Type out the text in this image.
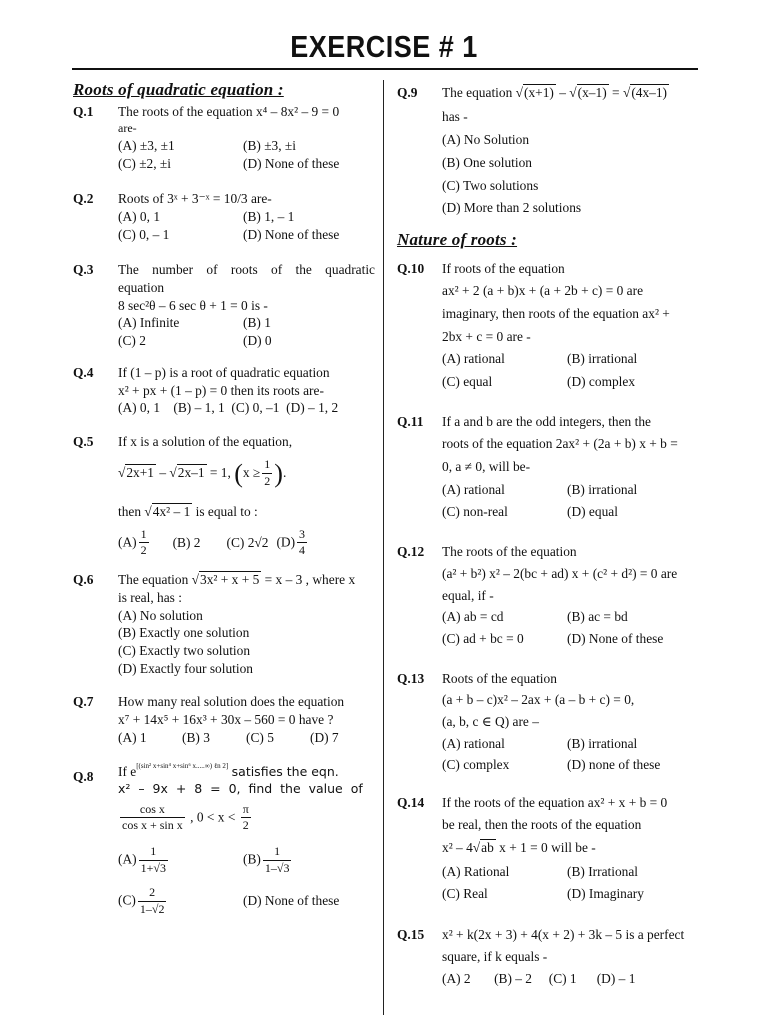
EXERCISE # 1
Roots of quadratic equation :
Q.1 The roots of the equation x⁴ – 8x² – 9 = 0
are-
(A) ±3, ±1	(B) ±3, ±i
(C) ±2, ±i	(D) None of these
Q.2 Roots of 3ˣ + 3⁻ˣ = 10/3 are-
(A) 0, 1	(B) 1, – 1
(C) 0, – 1	(D) None of these
Q.3 The number of roots of the quadratic
equation
8 sec²θ – 6 sec θ + 1 = 0 is -
(A) Infinite	(B) 1
(C) 2	(D) 0
Q.4 If (1 – p) is a root of quadratic equation
x² + px + (1 – p) = 0 then its roots are-
(A) 0, 1    (B) – 1, 1  (C) 0, –1  (D) – 1, 2
Q.5 If x is a solution of the equation,
√ 2x+1 – √ 2x–1 = 1, ($x \ge \frac{1}{2}$ ).
then √ 4x² – 1 is equal to :
$(A) \frac{1}{2} (B)$ 2 (C) 2√2 $(D) \frac{3}{4}$
Q.6 The equation √ 3x² + x + 5 = x – 3 , where x
is real, has :
(A) No solution
(B) Exactly one solution
(C) Exactly two solution
(D) Exactly four solution
Q.7 How many real solution does the equation
x⁷ + 14x⁵ + 16x³ + 30x – 560 = 0 have ?
(A) 1	(B) 3	(C) 5	(D) 7
Q.8 If e[(sin² x+sin⁴ x+sin⁶ x.....∞) ℓn 2] satisfies the eqn.
x²  –  9x  +  8  =  0,  find  the  value  of
$\frac{\text{cos x}}{\text{cos x + sin x}}$ , $0 < x < \frac{\pi}{2}$
$(A) \frac{1}{1+√3}$	$(B) \frac{1}{1-√3}$
$(C) \frac{2}{1-√2}$	(D) None of these
Q.9 The equation √ (x+1) – √ (x–1) = √ (4x–1)
has -
(A) No Solution
(B) One solution
(C) Two solutions
(D) More than 2 solutions
Nature of roots :
Q.10 If roots of the equation
ax² + 2 (a + b)x + (a + 2b + c) = 0 are
imaginary, then roots of the equation ax² +
2bx + c = 0 are -
(A) rational	(B) irrational
(C) equal	(D) complex
Q.11 If a and b are the odd integers, then the
roots of the equation 2ax² + (2a + b) x + b =
0, a ≠ 0, will be-
(A) rational	(B) irrational
(C) non-real	(D) equal
Q.12 The roots of the equation
(a² + b²) x² – 2(bc + ad) x + (c² + d²) = 0 are
equal, if -
(A) ab = cd	(B) ac = bd
(C) ad + bc = 0	(D) None of these
Q.13 Roots of the equation
(a + b – c)x² – 2ax + (a – b + c) = 0,
(a, b, c ∈ Q) are –
(A) rational	(B) irrational
(C) complex	(D) none of these
Q.14 If the roots of the equation ax² + x + b = 0
be real, then the roots of the equation
x² – 4 √ ab x + 1 = 0 will be -
(A) Rational	(B) Irrational
(C) Real	(D) Imaginary
Q.15 x² + k(2x + 3) + 4(x + 2) + 3k – 5 is a perfect
square, if k equals -
(A) 2       (B) – 2     (C) 1      (D) – 1
